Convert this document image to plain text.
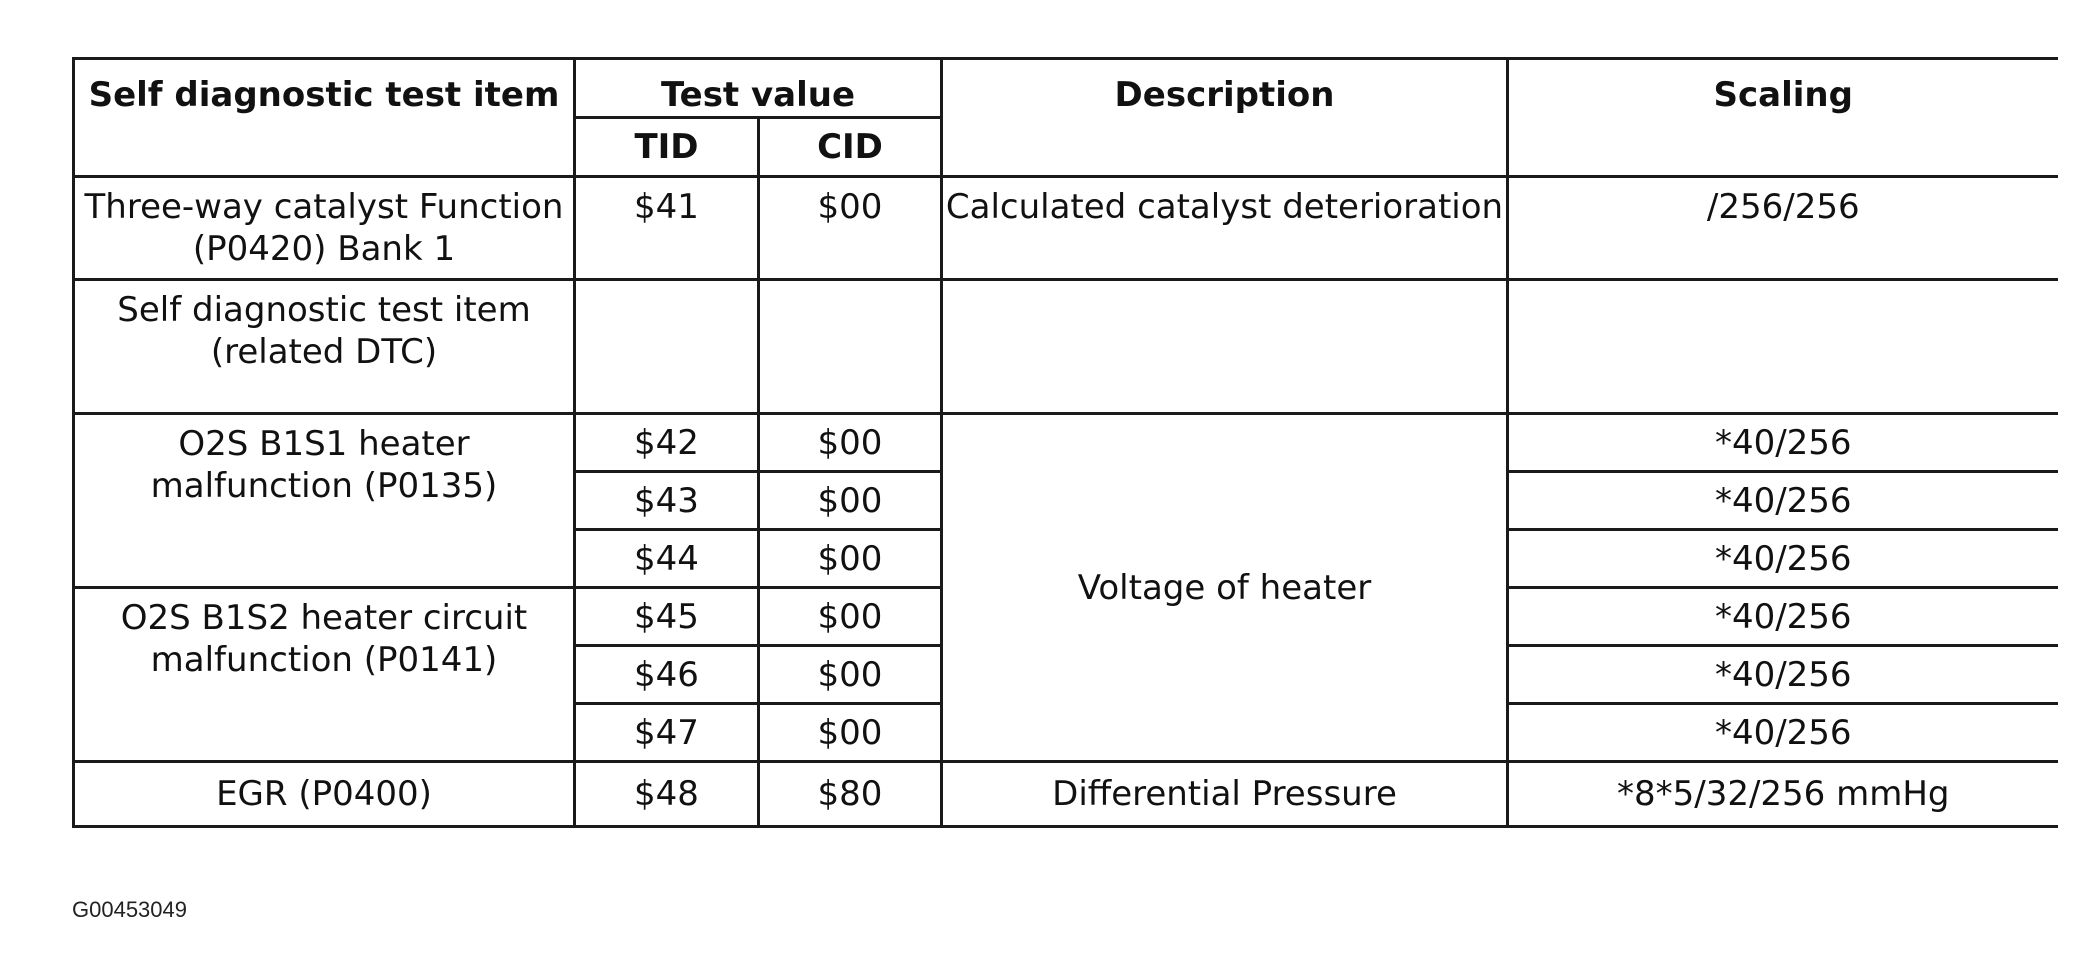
Self diagnostic test item	Test value		Description	Scaling
	TID	CID		
Three-way catalyst Function (P0420) Bank 1	$41	$00	Calculated catalyst deterioration	/256/256
Self diagnostic test item (related DTC)				
O2S B1S1 heater malfunction (P0135)	$42	$00	Voltage of heater	*40/256
	$43	$00		*40/256
	$44	$00		*40/256
O2S B1S2 heater circuit malfunction (P0141)	$45	$00		*40/256
	$46	$00		*40/256
	$47	$00		*40/256
EGR (P0400)	$48	$80	Differential Pressure	*8*5/32/256 mmHg
G00453049
